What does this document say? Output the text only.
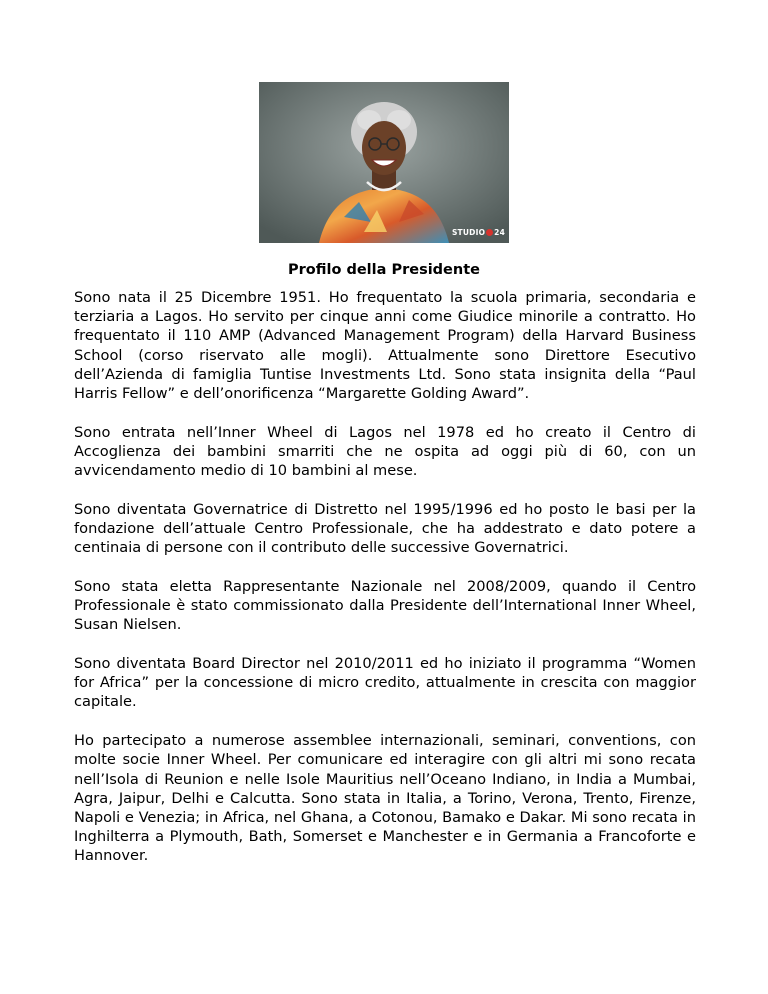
STUDIO 24
Profilo della Presidente

Sono nata il 25 Dicembre 1951. Ho frequentato la scuola primaria, secondaria e terziaria a Lagos. Ho servito per cinque anni come Giudice minorile a contratto. Ho frequentato il 110 AMP (Advanced Management Program) della Harvard Business School (corso riservato alle mogli). Attualmente sono Direttore Esecutivo dell’Azienda di famiglia Tuntise Investments Ltd. Sono stata insignita della “Paul Harris Fellow” e dell’onorificenza “Margarette Golding Award”.

Sono entrata nell’Inner Wheel di Lagos nel 1978 ed ho creato il Centro di Accoglienza dei bambini smarriti che ne ospita ad oggi più di 60, con un avvicendamento medio di 10 bambini al mese.

Sono diventata Governatrice di Distretto nel 1995/1996 ed ho posto le basi per la fondazione dell’attuale Centro Professionale, che ha addestrato e dato potere a centinaia di persone con il contributo delle successive Governatrici.

Sono stata eletta Rappresentante Nazionale nel 2008/2009, quando il Centro Professionale è stato commissionato dalla Presidente dell’International Inner Wheel, Susan Nielsen.

Sono diventata Board Director nel 2010/2011 ed ho iniziato il programma “Women for Africa” per la concessione di micro credito, attualmente in crescita con maggior capitale.

Ho partecipato a numerose assemblee internazionali, seminari, conventions, con molte socie Inner Wheel. Per comunicare ed interagire con gli altri mi sono recata nell’Isola di Reunion e nelle Isole Mauritius nell’Oceano Indiano, in India a Mumbai, Agra, Jaipur, Delhi e Calcutta. Sono stata in Italia, a Torino, Verona, Trento, Firenze, Napoli e Venezia; in Africa, nel Ghana, a Cotonou, Bamako e Dakar. Mi sono recata in Inghilterra a Plymouth, Bath, Somerset e Manchester e in Germania a Francoforte e Hannover.
